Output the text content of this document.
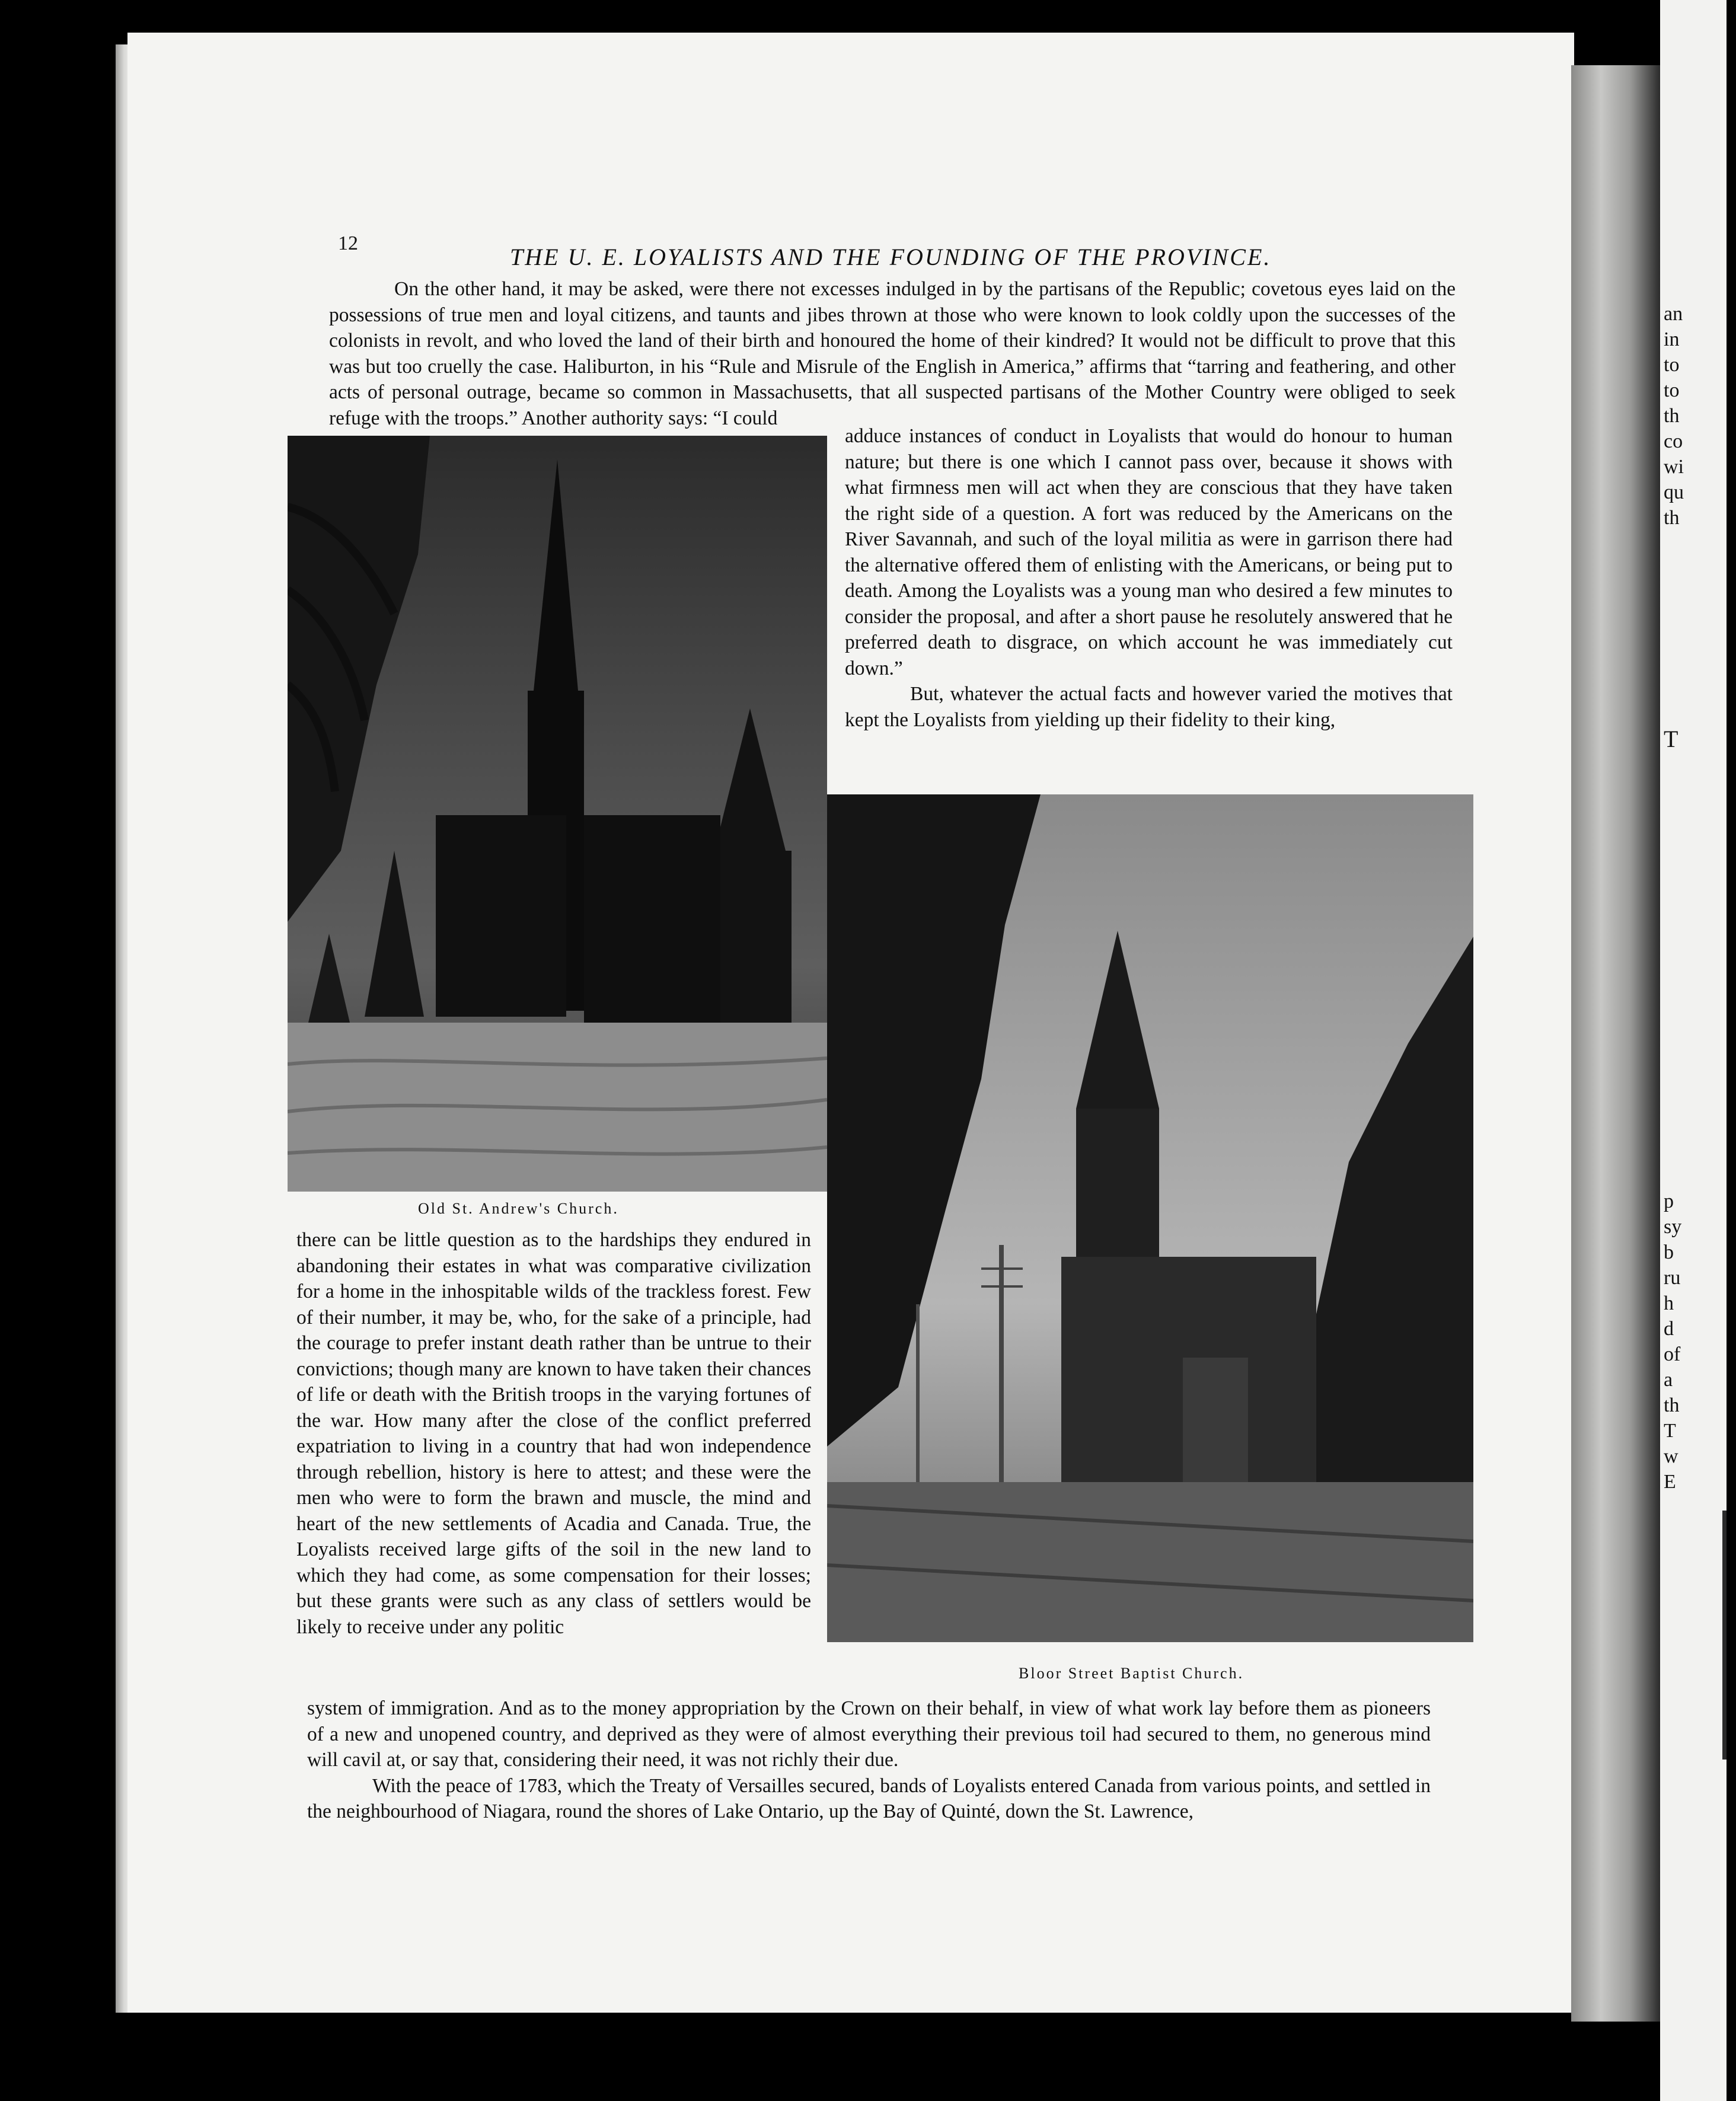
an
in
to
to
th
co
wi
qu
th
T
p
sy
b
ru
h
d
of
a
th
T
w
E
12
THE U. E. LOYALISTS AND THE FOUNDING OF THE PROVINCE.

On the other hand, it may be asked, were there not excesses indulged in by the partisans of the Republic; covetous eyes laid on the possessions of true men and loyal citizens, and taunts and jibes thrown at those who were known to look coldly upon the successes of the colonists in revolt, and who loved the land of their birth and honoured the home of their kindred? It would not be difficult to prove that this was but too cruelly the case. Haliburton, in his “Rule and Misrule of the English in America,” affirms that “tarring and feathering, and other acts of personal outrage, became so common in Massachusetts, that all suspected partisans of the Mother Country were obliged to seek refuge with the troops.” Another authority says: “I could

Old St. Andrew's Church.

adduce instances of conduct in Loyalists that would do honour to human nature; but there is one which I cannot pass over, because it shows with what firmness men will act when they are conscious that they have taken the right side of a question. A fort was reduced by the Americans on the River Savannah, and such of the loyal militia as were in garrison there had the alternative offered them of enlisting with the Americans, or being put to death. Among the Loyalists was a young man who desired a few minutes to consider the proposal, and after a short pause he resolutely answered that he preferred death to disgrace, on which account he was immediately cut down.”

But, whatever the actual facts and however varied the motives that kept the Loyalists from yielding up their fidelity to their king,

Bloor Street Baptist Church.

there can be little question as to the hardships they endured in abandoning their estates in what was comparative civilization for a home in the inhospitable wilds of the trackless forest. Few of their number, it may be, who, for the sake of a principle, had the courage to prefer instant death rather than be untrue to their convictions; though many are known to have taken their chances of life or death with the British troops in the varying fortunes of the war. How many after the close of the conflict preferred expatriation to living in a country that had won independence through rebellion, history is here to attest; and these were the men who were to form the brawn and muscle, the mind and heart of the new settlements of Acadia and Canada. True, the Loyalists received large gifts of the soil in the new land to which they had come, as some compensation for their losses; but these grants were such as any class of settlers would be likely to receive under any politic

system of immigration. And as to the money appropriation by the Crown on their behalf, in view of what work lay before them as pioneers of a new and unopened country, and deprived as they were of almost everything their previous toil had secured to them, no generous mind will cavil at, or say that, considering their need, it was not richly their due.

With the peace of 1783, which the Treaty of Versailles secured, bands of Loyalists entered Canada from various points, and settled in the neighbourhood of Niagara, round the shores of Lake Ontario, up the Bay of Quinté, down the St. Lawrence,
